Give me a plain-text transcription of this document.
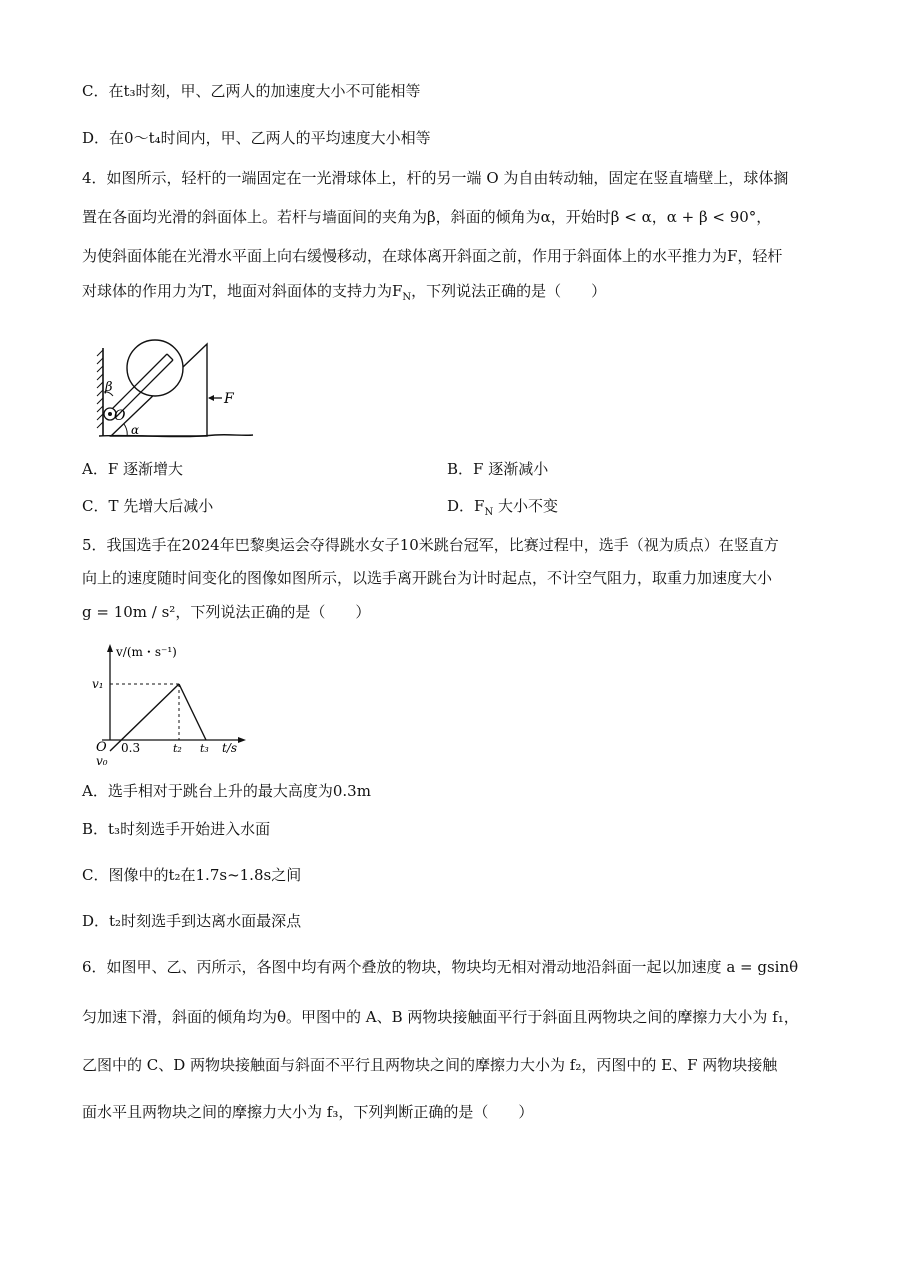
C．在t₃时刻，甲、乙两人的加速度大小不可能相等
D．在0～t₄时间内，甲、乙两人的平均速度大小相等
4．如图所示，轻杆的一端固定在一光滑球体上，杆的另一端 O 为自由转动轴，固定在竖直墙壁上，球体搁
置在各面均光滑的斜面体上。若杆与墙面间的夹角为β，斜面的倾角为α，开始时β < α，α + β < 90°，
为使斜面体能在光滑水平面上向右缓慢移动，在球体离开斜面之前，作用于斜面体上的水平推力为F，轻杆
对球体的作用力为T，地面对斜面体的支持力为$F_N$，下列说法正确的是（　　）
β
O
α
F
A．F 逐渐增大	B．F 逐渐减小
C．T 先增大后减小	D．$F_N$ 大小不变
5．我国选手在2024年巴黎奥运会夺得跳水女子10米跳台冠军，比赛过程中，选手（视为质点）在竖直方
向上的速度随时间变化的图像如图所示，以选手离开跳台为计时起点，不计空气阻力，取重力加速度大小
g = 10m / s²，下列说法正确的是（　　）
v/(m・s⁻¹)
v₁
O
v₀
0.3	t₂ t₃ t/s
A．选手相对于跳台上升的最大高度为0.3m
B．t₃时刻选手开始进入水面
C．图像中的t₂在1.7s~1.8s之间
D．t₂时刻选手到达离水面最深点
6．如图甲、乙、丙所示，各图中均有两个叠放的物块，物块均无相对滑动地沿斜面一起以加速度 a = gsinθ
匀加速下滑，斜面的倾角均为θ。甲图中的 A、B 两物块接触面平行于斜面且两物块之间的摩擦力大小为 f₁，
乙图中的 C、D 两物块接触面与斜面不平行且两物块之间的摩擦力大小为 f₂，丙图中的 E、F 两物块接触
面水平且两物块之间的摩擦力大小为 f₃，下列判断正确的是（　　）
